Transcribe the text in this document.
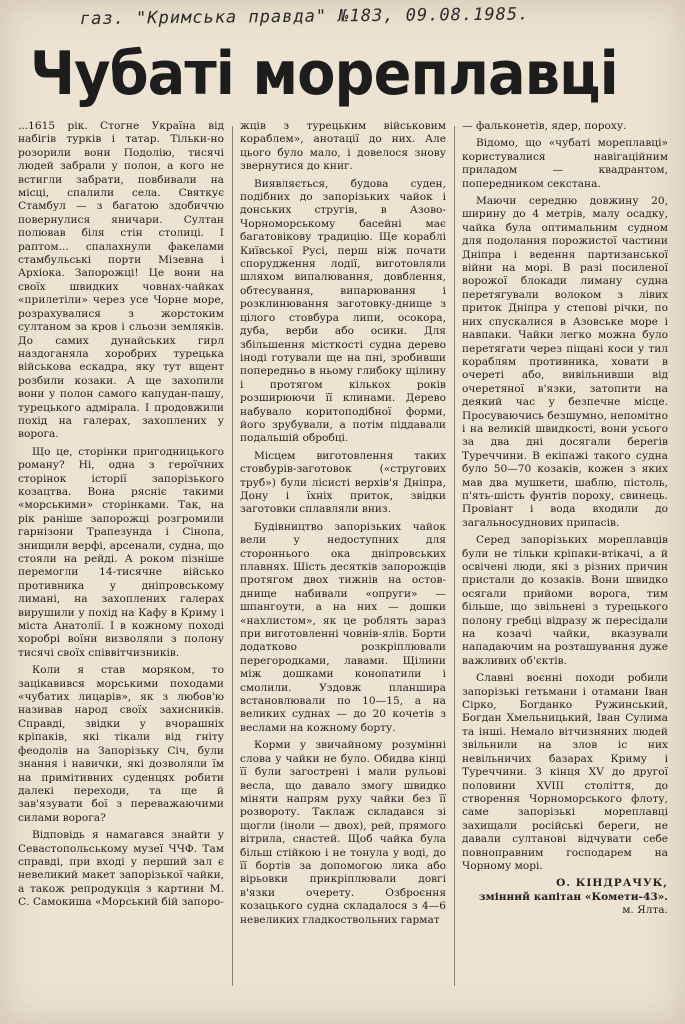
газ. "Кримська правда" №183, 09.08.1985.
Чубаті мореплавці

...1615 рік. Стогне Україна від набігів турків і татар. Тільки-но розорили вони Подолію, тисячі людей забрали у полон, а кого не встигли забрати, повбивали на місці, спалили села. Святкує Стамбул — з багатою здобиччю повернулися яничари. Султан полював біля стін столиці. І раптом... спалахнули факелами стамбульські порти Мізевна і Архіока. Запорожці! Це вони на своїх швидких човнах-чайках «прилетіли» через усе Чорне море, розрахувалися з жорстоким султаном за кров і сльози земляків. До самих дунайських гирл наздоганяла хоробрих турецька військова ескадра, яку тут вщент розбили козаки. А ще захопили вони у полон самого капудан-пашу, турецького адмірала. І продовжили похід на галерах, захоплених у ворога.

Що це, сторінки пригодницького роману? Ні, одна з героїчних сторінок історії запорізького козацтва. Вона рясніє такими «морськими» сторінками. Так, на рік раніше запорожці розгромили гарнізони Трапезунда і Сінопа, знищили верфі, арсенали, судна, що стояли на рейді. А роком пізніше перемогли 14-тисячне військо противника у дніпровському лимані, на захоплених галерах вирушили у похід на Кафу в Криму і міста Анатолії. І в кожному поході хоробрі воїни визволяли з полону тисячі своїх співвітчизників.

Коли я став моряком, то зацікавився морськими походами «чубатих лицарів», як з любов'ю називав народ своїх захисників. Справді, звідки у вчорашніх кріпаків, які тікали від гніту феодолів на Запорізьку Січ, були знання і навички, які дозволяли їм на примітивних суденцях робити далекі переходи, та ще й зав'язувати бої з переважаючими силами ворога?

Відповідь я намагався знайти у Севастопольському музеї ЧЧФ. Там справді, при вході у перший зал є невеликий макет запорізької чайки, а також репродукція з картини М. С. Самокиша «Морський бій запоро-

жців з турецьким військовим кораблем», анотації до них. Але цього було мало, і довелося знову звернутися до книг.

Виявляється, будова суден, подібних до запорізьких чайок і донських стругів, в Азово-Чорноморському басейні має багатовікову традицію. Ще кораблі Київської Русі, перш ніж почати спорудження лодії, виготовляли шляхом випалювання, довблення, обтесування, випарювання і розклинювання заготовку-днище з цілого стовбура липи, осокора, дуба, верби або осики. Для збільшення місткості судна дерево іноді готували ще на пні, зробивши попередньо в ньому глибоку щілину і протягом кількох років розширюючи її клинами. Дерево набувало коритоподібної форми, його зрубували, а потім піддавали подальшій обробці.

Місцем виготовлення таких стовбурів-заготовок («стругових труб») були лісисті верхів'я Дніпра, Дону і їхніх приток, звідки заготовки сплавляли вниз.

Будівництво запорізьких чайок вели у недоступних для стороннього ока дніпровських плавнях. Шість десятків запорожців протягом двох тижнів на остов-днище набивали «опруги» — шпангоути, а на них — дошки «нахлистом», як це роблять зараз при виготовленні човнів-ялів. Борти додатково розкріплювали перегородками, лавами. Щілини між дошками конопатили і смолили. Уздовж планшира встановлювали по 10—15, а на великих суднах — до 20 кочетів з веслами на кожному борту.

Корми у звичайному розумінні слова у чайки не було. Обидва кінці її були загострені і мали рульові весла, що давало змогу швидко міняти напрям руху чайки без її розвороту. Таклаж складався зі щогли (іноли — двох), рей, прямого вітрила, снастей. Щоб чайка була більш стійкою і не тонула у воді, до її бортів за допомогою лика або вірьовки прикріплювали довгі в'язки очерету. Озброєння козацького судна складалося з 4—6 невеликих гладкоствольних гармат

— фальконетів, ядер, пороху.

Відомо, що «чубаті мореплавці» користувалися навігаційним приладом — квадрантом, попередником секстана.

Маючи середню довжину 20, ширину до 4 метрів, малу осадку, чайка була оптимальним судном для подолання порожистої частини Дніпра і ведення партизанської війни на морі. В разі посиленої ворожої блокади лиману судна перетягували волоком з лівих приток Дніпра у степові річки, по них спускалися в Азовське море і навпаки. Чайки легко можна було перетягати через піщані коси у тил кораблям противника, ховати в очереті або, вивільнивши від очеретяної в'язки, затопити на деякий час у безпечне місце. Просуваючись безшумно, непомітно і на великій швидкості, вони усього за два дні досягали берегів Туреччини. В екіпажі такого судна було 50—70 козаків, кожен з яких мав два мушкети, шаблю, пістоль, п'ять-шість фунтів пороху, свинець. Провіант і вода входили до загальносуднових припасів.

Серед запорізьких мореплавців були не тільки кріпаки-втікачі, а й освічені люди, які з різних причин пристали до козаків. Вони швидко осягали прийоми ворога, тим більше, що звільнені з турецького полону гребці відразу ж пересідали на козачі чайки, вказували нападаючим на розташування дуже важливих об'єктів.

Славні воєнні походи робили запорізькі гетьмани і отамани Іван Сірко, Богданко Ружинський, Богдан Хмельницький, Іван Сулима та інші. Немало вітчизняних людей звільнили на злов іс них невільничих базарах Криму і Туреччини. З кінця XV до другої половини XVIII століття, до створення Чорноморського флоту, саме запорізькі мореплавці захищали російські береги, не давали султанові відчувати себе повноправним господарем на Чорному морі.

О. КІНДРАЧУК,
змінний капітан «Комети-43».
м. Ялта.
